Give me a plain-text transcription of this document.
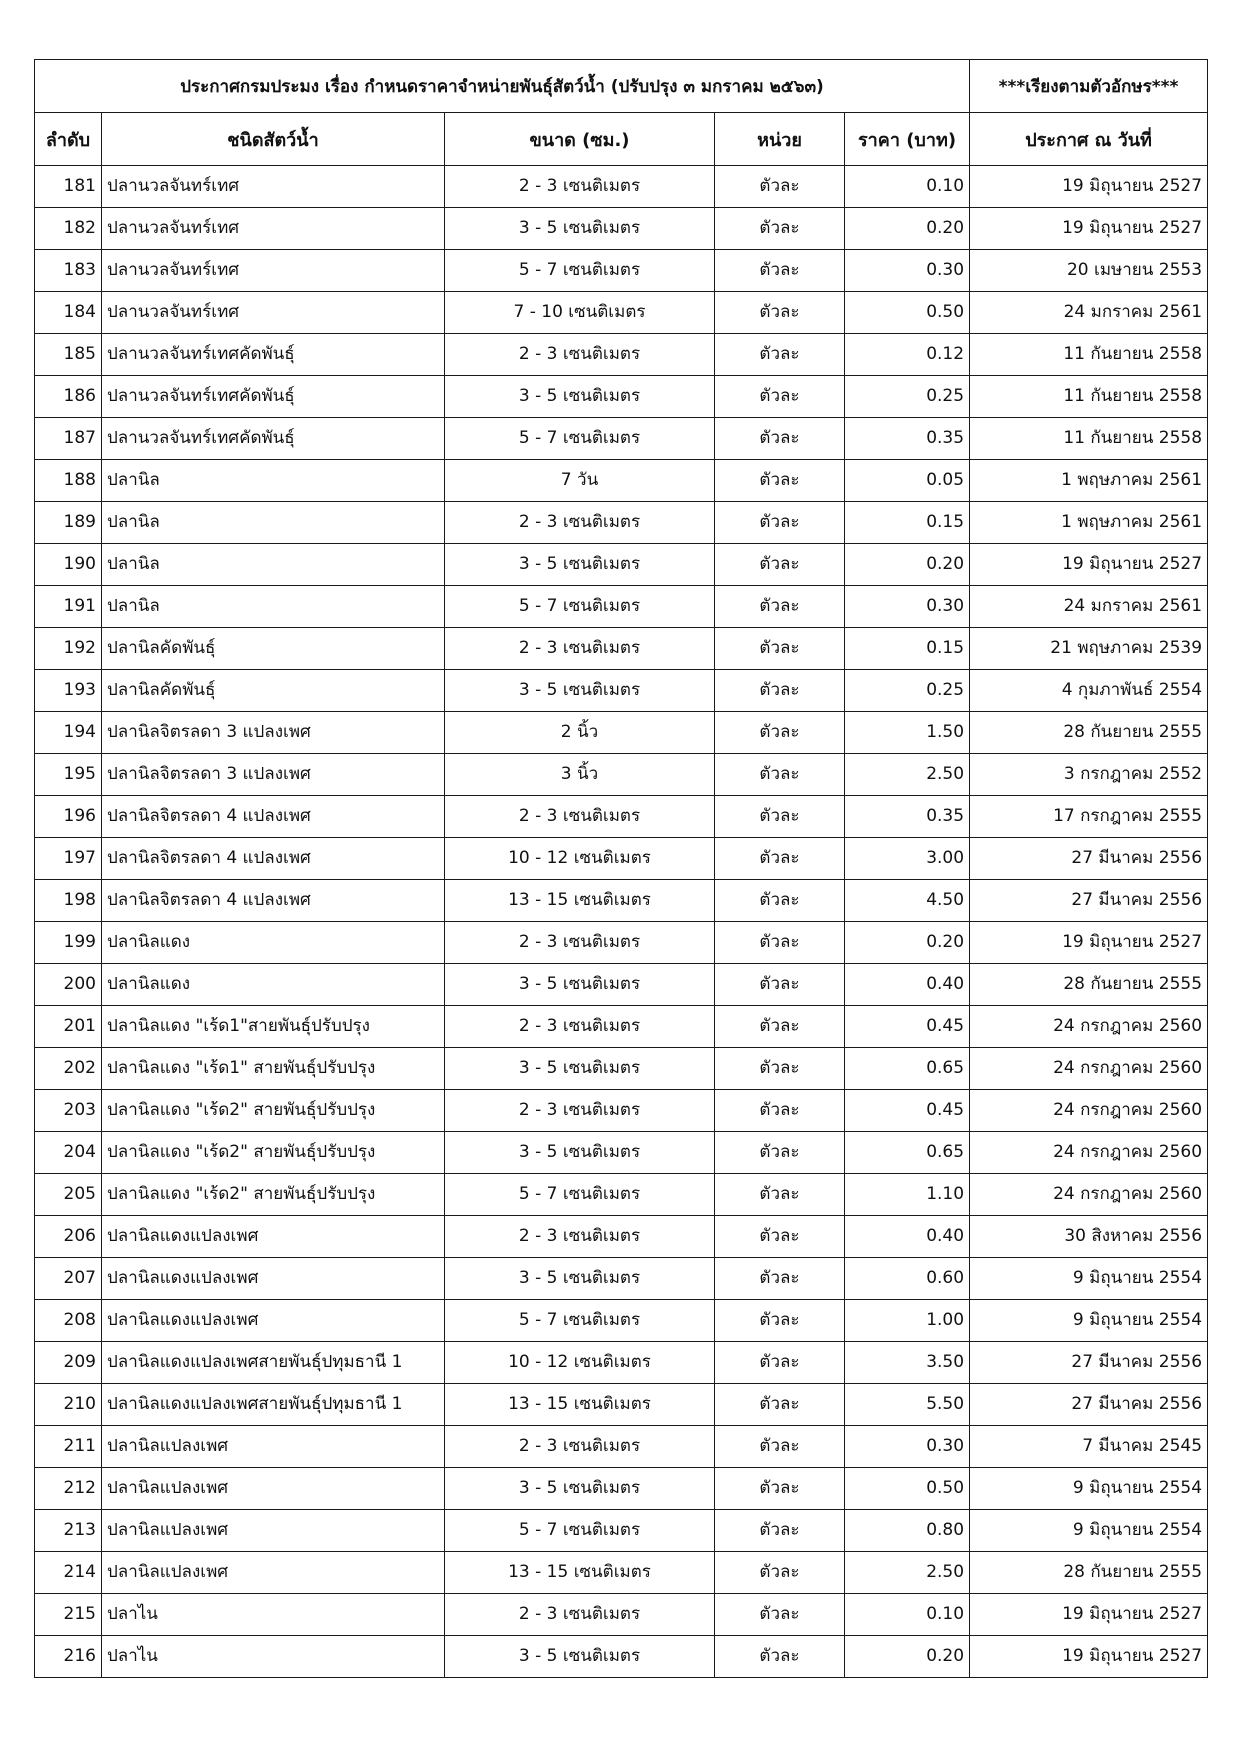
ประกาศกรมประมง เรื่อง กำหนดราคาจำหน่ายพันธุ์สัตว์น้ำ (ปรับปรุง ๓ มกราคม ๒๕๖๓)					***เรียงตามตัวอักษร***
ลำดับ	ชนิดสัตว์น้ำ	ขนาด (ซม.)	หน่วย	ราคา (บาท)	ประกาศ ณ วันที่
181	ปลานวลจันทร์เทศ	2 - 3 เซนติเมตร	ตัวละ	0.10	19 มิถุนายน 2527
182	ปลานวลจันทร์เทศ	3 - 5 เซนติเมตร	ตัวละ	0.20	19 มิถุนายน 2527
183	ปลานวลจันทร์เทศ	5 - 7 เซนติเมตร	ตัวละ	0.30	20 เมษายน 2553
184	ปลานวลจันทร์เทศ	7 - 10 เซนติเมตร	ตัวละ	0.50	24 มกราคม 2561
185	ปลานวลจันทร์เทศคัดพันธุ์	2 - 3 เซนติเมตร	ตัวละ	0.12	11 กันยายน 2558
186	ปลานวลจันทร์เทศคัดพันธุ์	3 - 5 เซนติเมตร	ตัวละ	0.25	11 กันยายน 2558
187	ปลานวลจันทร์เทศคัดพันธุ์	5 - 7 เซนติเมตร	ตัวละ	0.35	11 กันยายน 2558
188	ปลานิล	7 วัน	ตัวละ	0.05	1 พฤษภาคม 2561
189	ปลานิล	2 - 3 เซนติเมตร	ตัวละ	0.15	1 พฤษภาคม 2561
190	ปลานิล	3 - 5 เซนติเมตร	ตัวละ	0.20	19 มิถุนายน 2527
191	ปลานิล	5 - 7 เซนติเมตร	ตัวละ	0.30	24 มกราคม 2561
192	ปลานิลคัดพันธุ์	2 - 3 เซนติเมตร	ตัวละ	0.15	21 พฤษภาคม 2539
193	ปลานิลคัดพันธุ์	3 - 5 เซนติเมตร	ตัวละ	0.25	4 กุมภาพันธ์ 2554
194	ปลานิลจิตรลดา 3 แปลงเพศ	2 นิ้ว	ตัวละ	1.50	28 กันยายน 2555
195	ปลานิลจิตรลดา 3 แปลงเพศ	3 นิ้ว	ตัวละ	2.50	3 กรกฎาคม 2552
196	ปลานิลจิตรลดา 4 แปลงเพศ	2 - 3 เซนติเมตร	ตัวละ	0.35	17 กรกฎาคม 2555
197	ปลานิลจิตรลดา 4 แปลงเพศ	10 - 12 เซนติเมตร	ตัวละ	3.00	27 มีนาคม 2556
198	ปลานิลจิตรลดา 4 แปลงเพศ	13 - 15 เซนติเมตร	ตัวละ	4.50	27 มีนาคม 2556
199	ปลานิลแดง	2 - 3 เซนติเมตร	ตัวละ	0.20	19 มิถุนายน 2527
200	ปลานิลแดง	3 - 5 เซนติเมตร	ตัวละ	0.40	28 กันยายน 2555
201	ปลานิลแดง "เร้ด1"สายพันธุ์ปรับปรุง	2 - 3 เซนติเมตร	ตัวละ	0.45	24 กรกฎาคม 2560
202	ปลานิลแดง "เร้ด1" สายพันธุ์ปรับปรุง	3 - 5 เซนติเมตร	ตัวละ	0.65	24 กรกฎาคม 2560
203	ปลานิลแดง "เร้ด2" สายพันธุ์ปรับปรุง	2 - 3 เซนติเมตร	ตัวละ	0.45	24 กรกฎาคม 2560
204	ปลานิลแดง "เร้ด2" สายพันธุ์ปรับปรุง	3 - 5 เซนติเมตร	ตัวละ	0.65	24 กรกฎาคม 2560
205	ปลานิลแดง "เร้ด2" สายพันธุ์ปรับปรุง	5 - 7 เซนติเมตร	ตัวละ	1.10	24 กรกฎาคม 2560
206	ปลานิลแดงแปลงเพศ	2 - 3 เซนติเมตร	ตัวละ	0.40	30 สิงหาคม 2556
207	ปลานิลแดงแปลงเพศ	3 - 5 เซนติเมตร	ตัวละ	0.60	9 มิถุนายน 2554
208	ปลานิลแดงแปลงเพศ	5 - 7 เซนติเมตร	ตัวละ	1.00	9 มิถุนายน 2554
209	ปลานิลแดงแปลงเพศสายพันธุ์ปทุมธานี 1	10 - 12 เซนติเมตร	ตัวละ	3.50	27 มีนาคม 2556
210	ปลานิลแดงแปลงเพศสายพันธุ์ปทุมธานี 1	13 - 15 เซนติเมตร	ตัวละ	5.50	27 มีนาคม 2556
211	ปลานิลแปลงเพศ	2 - 3 เซนติเมตร	ตัวละ	0.30	7 มีนาคม 2545
212	ปลานิลแปลงเพศ	3 - 5 เซนติเมตร	ตัวละ	0.50	9 มิถุนายน 2554
213	ปลานิลแปลงเพศ	5 - 7 เซนติเมตร	ตัวละ	0.80	9 มิถุนายน 2554
214	ปลานิลแปลงเพศ	13 - 15 เซนติเมตร	ตัวละ	2.50	28 กันยายน 2555
215	ปลาไน	2 - 3 เซนติเมตร	ตัวละ	0.10	19 มิถุนายน 2527
216	ปลาไน	3 - 5 เซนติเมตร	ตัวละ	0.20	19 มิถุนายน 2527
